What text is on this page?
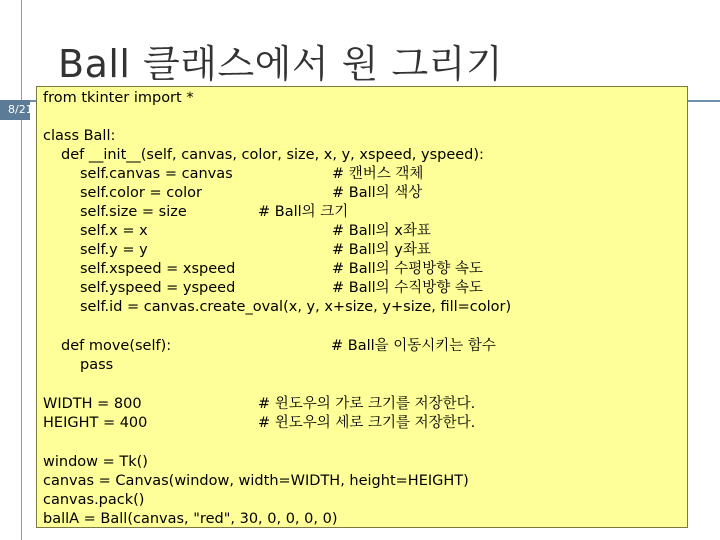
Ball 클래스에서 원 그리기
8/21
from tkinter import *
class Ball:
def __init__(self, canvas, color, size, x, y, xspeed, yspeed):
self.canvas = canvas	# 캔버스 객체
self.color = color	# Ball의 색상
self.size = size	# Ball의 크기
self.x = x	# Ball의 x좌표
self.y = y	# Ball의 y좌표
self.xspeed = xspeed	# Ball의 수평방향 속도
self.yspeed = yspeed	# Ball의 수직방향 속도
self.id = canvas.create_oval(x, y, x+size, y+size, fill=color)
def move(self):	# Ball을 이동시키는 함수
pass
WIDTH = 800	# 윈도우의 가로 크기를 저장한다.
HEIGHT = 400	# 윈도우의 세로 크기를 저장한다.
window = Tk()
canvas = Canvas(window, width=WIDTH, height=HEIGHT)
canvas.pack()
ballA = Ball(canvas, "red", 30, 0, 0, 0, 0)
